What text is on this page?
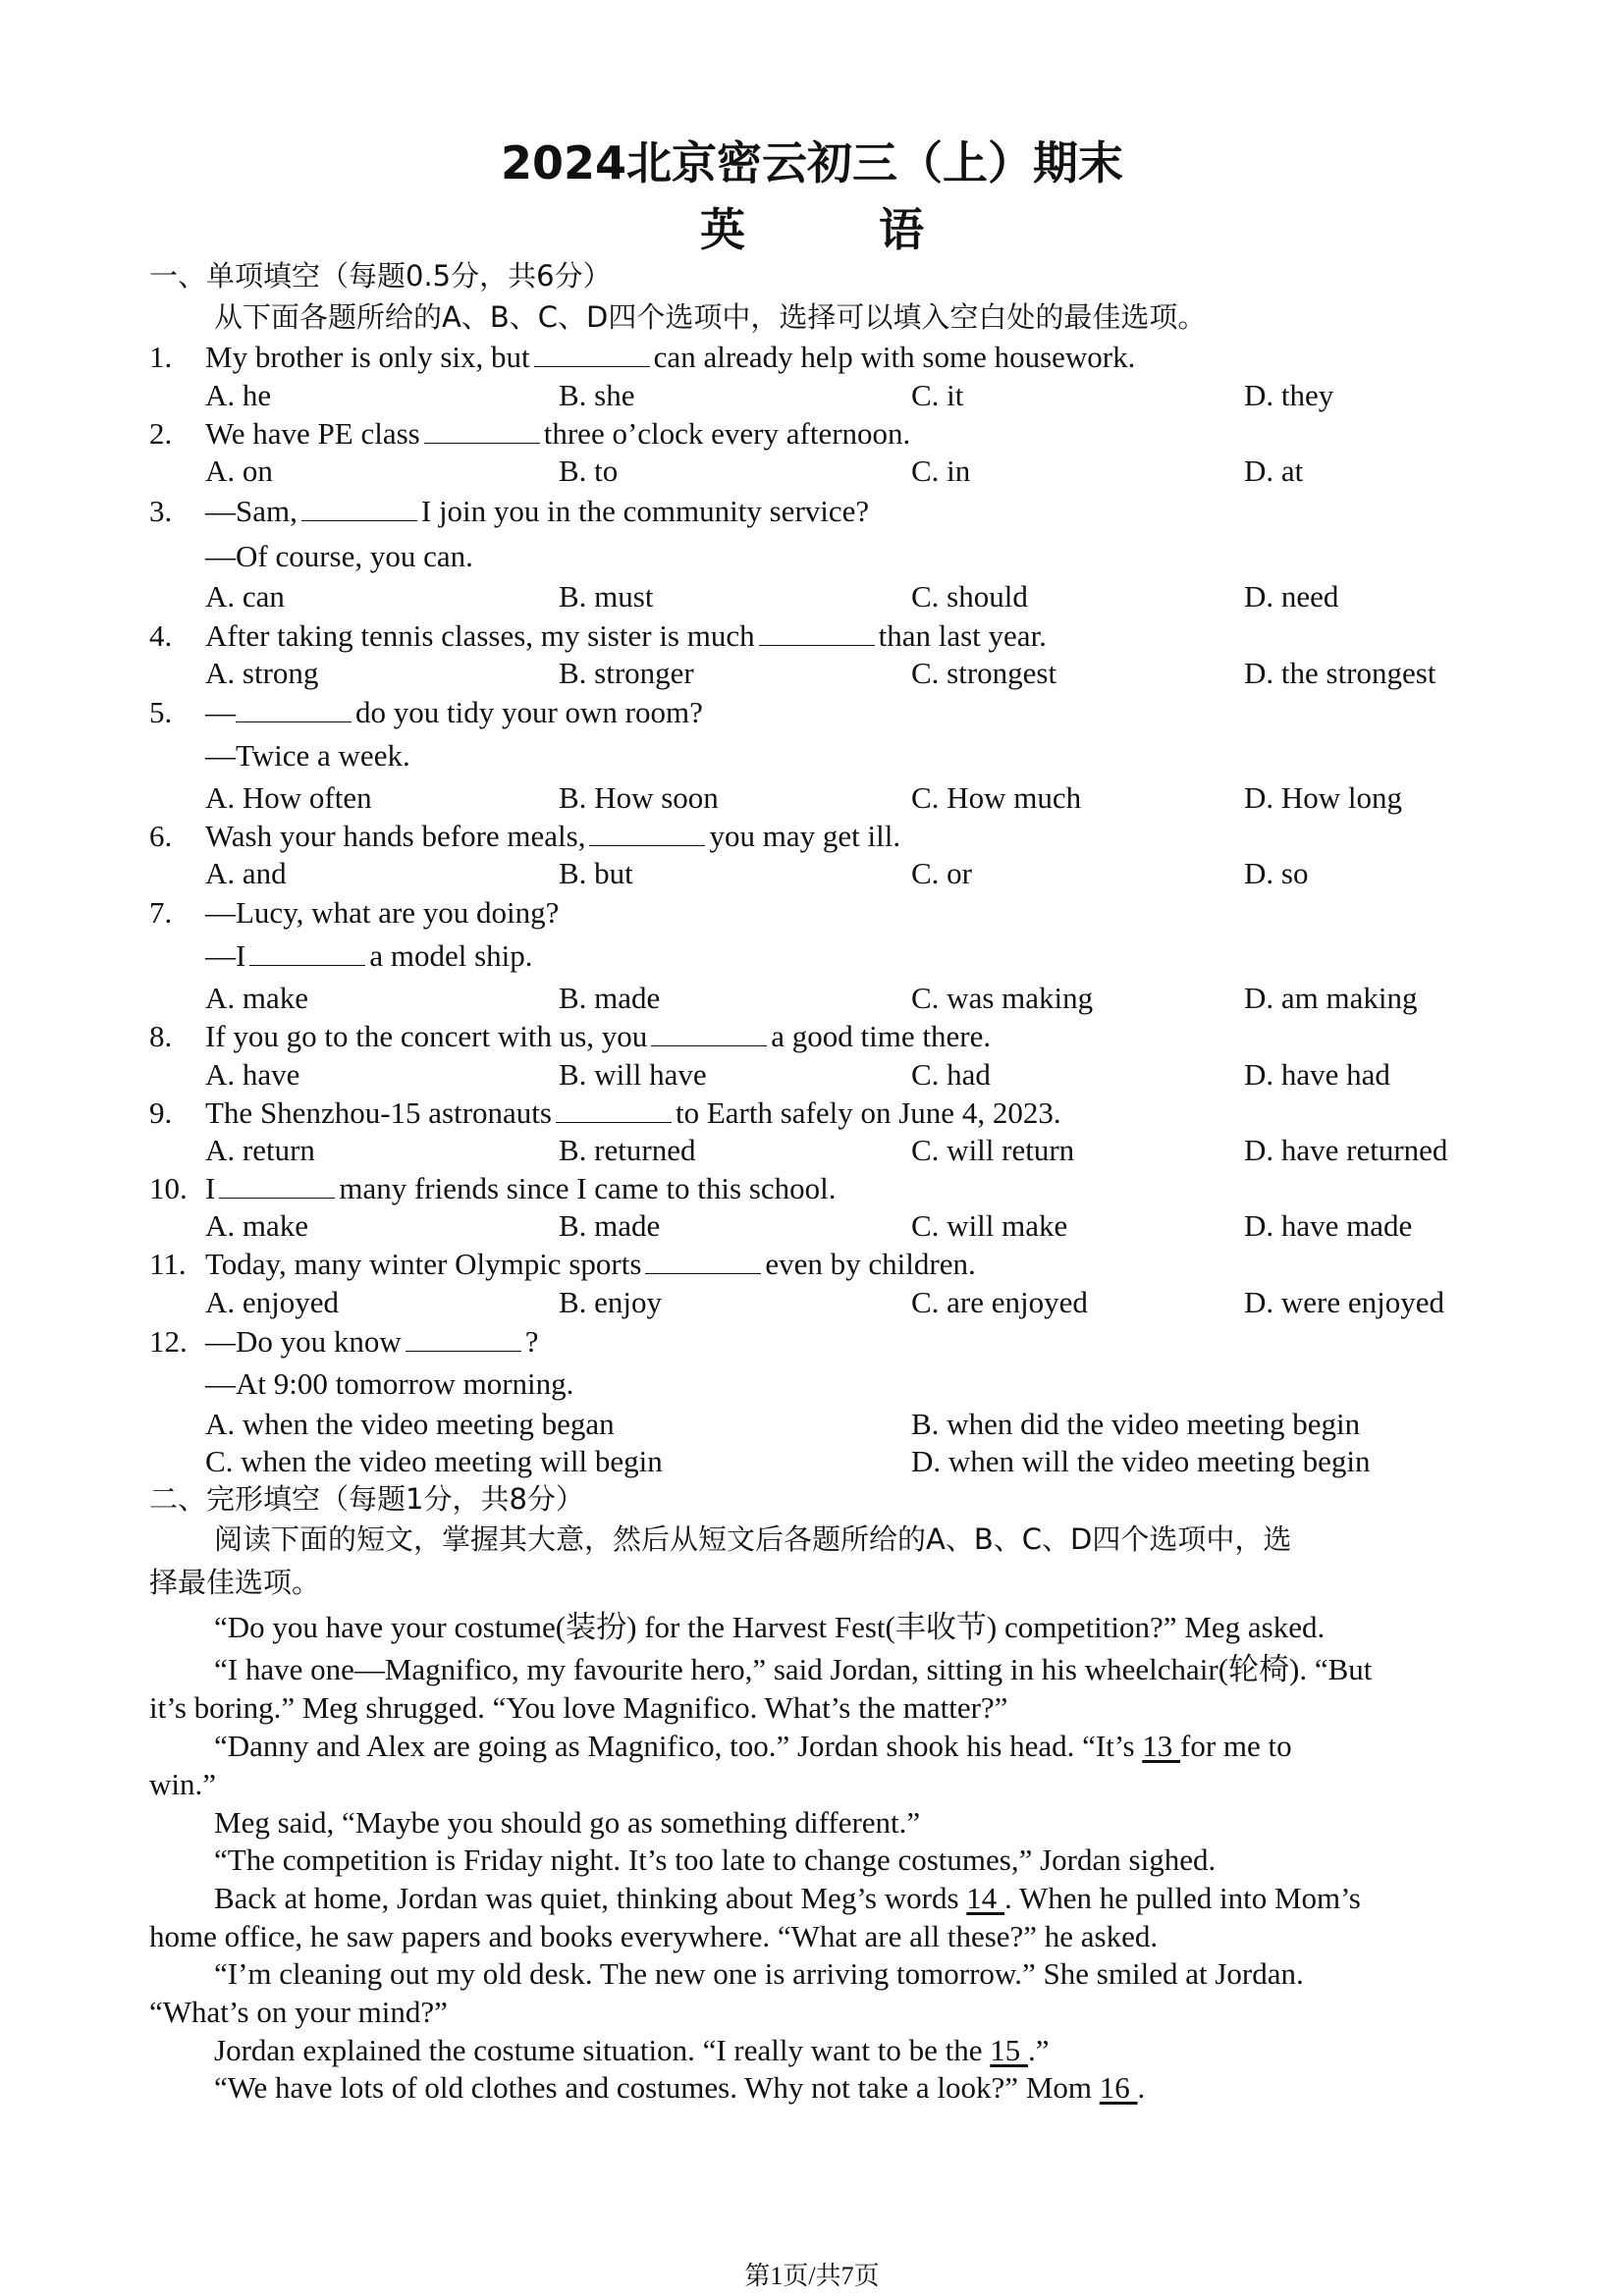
2024北京密云初三（上）期末
英 语
一、单项填空（每题0.5分，共6分）
从下面各题所给的A、B、C、D四个选项中，选择可以填入空白处的最佳选项。
1. My brother is only six, but	can already help with some housework.
A. he	B. she	C. it	D. they
2. We have PE class	three o’clock every afternoon.
A. on	B. to	C. in	D. at
3. —Sam,	I join you in the community service?
—Of course, you can.
A. can	B. must	C. should	D. need
4. After taking tennis classes, my sister is much	than last year.
A. strong	B. stronger	C. strongest	D. the strongest
5. —	do you tidy your own room?
—Twice a week.
A. How often	B. How soon	C. How much	D. How long
6. Wash your hands before meals,	you may get ill.
A. and	B. but	C. or	D. so
7. —Lucy, what are you doing?
—I	a model ship.
A. make	B. made	C. was making	D. am making
8. If you go to the concert with us, you	a good time there.
A. have	B. will have	C. had	D. have had
9. The Shenzhou-15 astronauts	to Earth safely on June 4, 2023.
A. return	B. returned	C. will return	D. have returned
10. I	many friends since I came to this school.
A. make	B. made	C. will make	D. have made
11. Today, many winter Olympic sports	even by children.
A. enjoyed	B. enjoy	C. are enjoyed	D. were enjoyed
12. —Do you know	?
—At 9:00 tomorrow morning.
A. when the video meeting began	B. when did the video meeting begin
C. when the video meeting will begin	D. when will the video meeting begin
二、完形填空（每题1分，共8分）
阅读下面的短文，掌握其大意，然后从短文后各题所给的A、B、C、D四个选项中，选
择最佳选项。
“Do you have your costume(装扮) for the Harvest Fest(丰收节) competition?” Meg asked.
“I have one—Magnifico, my favourite hero,” said Jordan, sitting in his wheelchair(轮椅). “But
it’s boring.” Meg shrugged. “You love Magnifico. What’s the matter?”
“Danny and Alex are going as Magnifico, too.” Jordan shook his head. “It’s 13 for me to
win.”
Meg said, “Maybe you should go as something different.”
“The competition is Friday night. It’s too late to change costumes,” Jordan sighed.
Back at home, Jordan was quiet, thinking about Meg’s words 14 . When he pulled into Mom’s
home office, he saw papers and books everywhere. “What are all these?” he asked.
“I’m cleaning out my old desk. The new one is arriving tomorrow.” She smiled at Jordan.
“What’s on your mind?”
Jordan explained the costume situation. “I really want to be the 15 .”
“We have lots of old clothes and costumes. Why not take a look?” Mom 16 .
第1页/共7页
